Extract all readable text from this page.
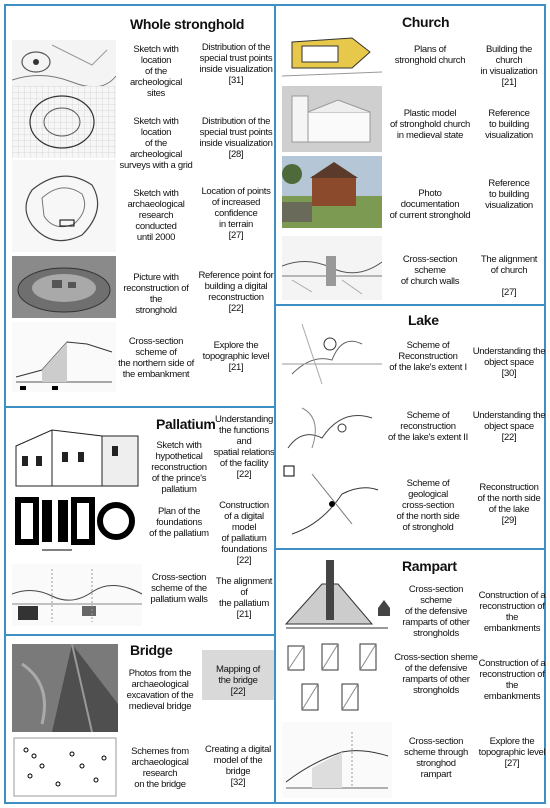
Whole stronghold
Sketch with location
of the archeological
sites
Distribution of the
special trust points
inside visualization
[31]
Sketch with location
of the archeological
surveys with a grid
Distribution of the
special trust points
inside visualization
[28]
Sketch with
archaeological
research conducted
until 2000
Location of points
of increased
confidence
in terrain
[27]
Picture with
reconstruction of the
stronghold
Reference point for
building a digital
reconstruction
[22]
Cross-section
scheme of
the northern side of
the embankment
Explore the
topographic level
[21]
Pallatium
Sketch with
hypothetical
reconstruction
of the prince's
pallatium
Understanding
the functions and
spatial relations
of the facility
[22]
Plan of the
foundations
of the pallatium
Construction
of a digital model
of pallatium
foundations
[22]
Cross-section
scheme of the
pallatium walls
The alignment of
the pallatium
[21]
Bridge
Photos from the
archaeological
excavation of the
medieval bridge
Mapping of
the bridge
[22]
Schemes from
archaeological
research
on the bridge
Creating a digital
model of the bridge
[32]
Church
Plans of
stronghold church
Building the church
in visualization
[21]
Plastic model
of stronghold church
in medieval state
Reference
to building
visualization
Photo documentation
of current stronghold
Reference
to building
visualization
Cross-section
scheme
of church walls
The alignment
of church

[27]
Lake
Scheme of
Reconstruction
of the lake's extent I
Understanding the
object space
[30]
Scheme of
reconstruction
of the lake's extent II
Understanding the
object space
[22]
Scheme of
geological
cross-section
of the north side
of stronghold
Reconstruction
of the north side
of the lake
[29]
Rampart
Cross-section scheme
of the defensive
ramparts of other
strongholds
Construction of a
reconstruction of
the embankments
Cross-section sheme
of the defensive
ramparts of other
strongholds
Construction of a
reconstruction of
the embankments
Cross-section
scheme through
stronghod
rampart
Explore the
topographic level
[27]
